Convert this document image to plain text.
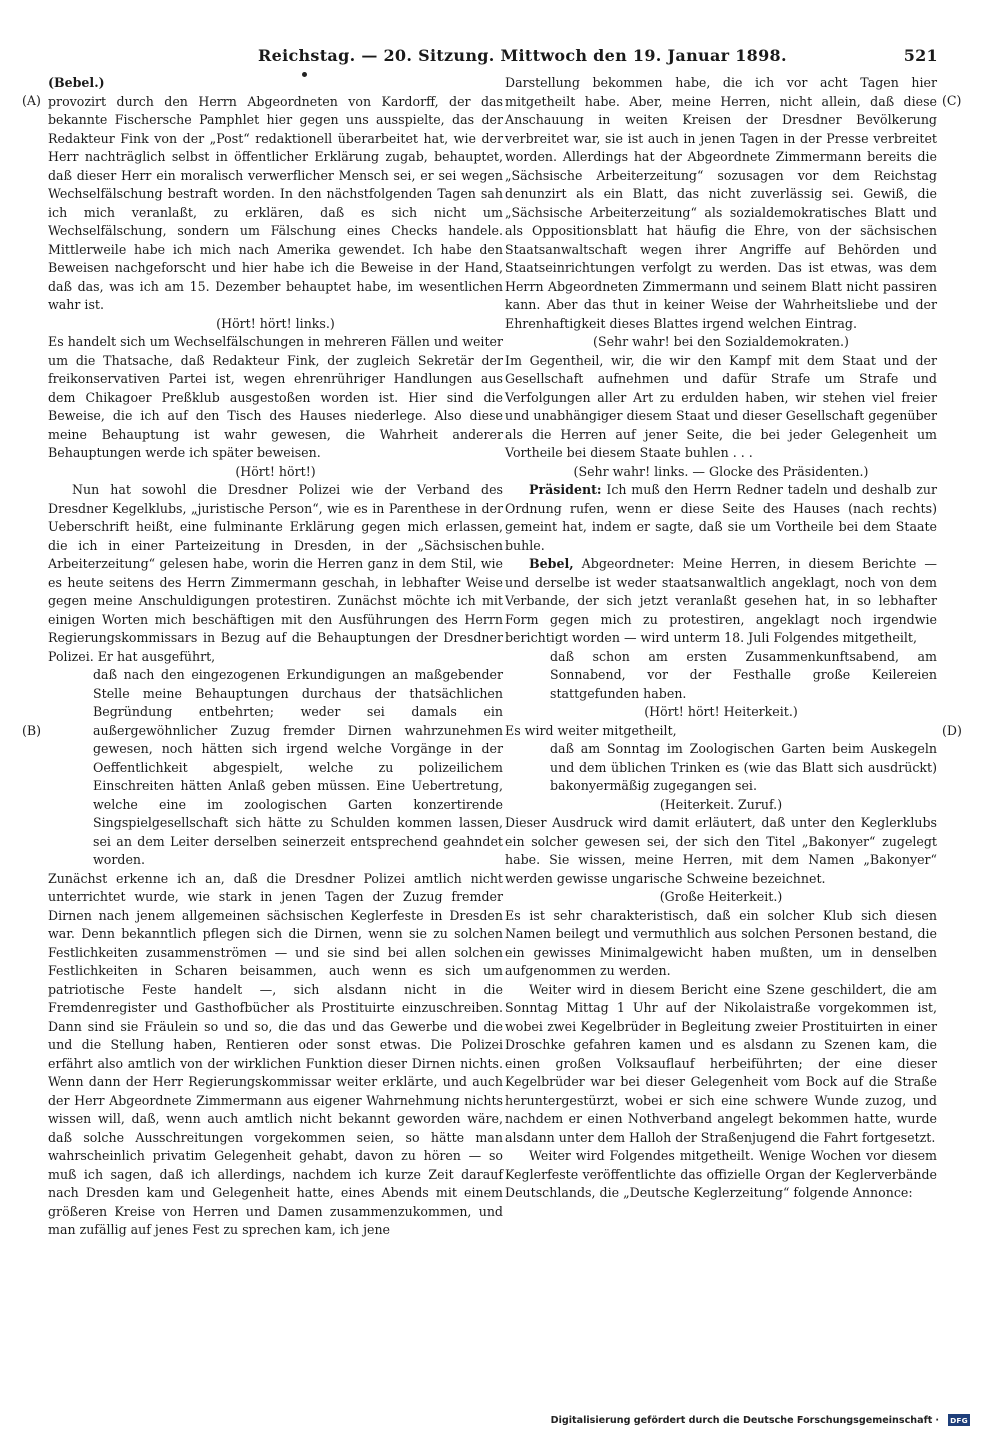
Reichstag. — 20. Sitzung. Mittwoch den 19. Januar 1898.	521
(A)
(B)
(C)
(D)

(Bebel.)

provozirt durch den Herrn Abgeordneten von Kardorff, der das bekannte Fischersche Pamphlet hier gegen uns ausspielte, das der Redakteur Fink von der „Post“ redaktionell überarbeitet hat, wie der Herr nachträglich selbst in öffentlicher Erklärung zugab, behauptet, daß dieser Herr ein moralisch verwerflicher Mensch sei, er sei wegen Wechselfälschung bestraft worden. In den nächstfolgenden Tagen sah ich mich veranlaßt, zu erklären, daß es sich nicht um Wechselfälschung, sondern um Fälschung eines Checks handele. Mittlerweile habe ich mich nach Amerika gewendet. Ich habe den Beweisen nachgeforscht und hier habe ich die Beweise in der Hand, daß das, was ich am 15. Dezember behauptet habe, im wesentlichen wahr ist.

(Hört! hört! links.)

Es handelt sich um Wechselfälschungen in mehreren Fällen und weiter um die Thatsache, daß Redakteur Fink, der zugleich Sekretär der freikonservativen Partei ist, wegen ehrenrühriger Handlungen aus dem Chikagoer Preßklub ausgestoßen worden ist. Hier sind die Beweise, die ich auf den Tisch des Hauses niederlege. Also diese meine Behauptung ist wahr gewesen, die Wahrheit anderer Behauptungen werde ich später beweisen.

(Hört! hört!)

Nun hat sowohl die Dresdner Polizei wie der Verband des Dresdner Kegelklubs, „juristische Person“, wie es in Parenthese in der Ueberschrift heißt, eine fulminante Erklärung gegen mich erlassen, die ich in einer Parteizeitung in Dresden, in der „Sächsischen Arbeiterzeitung“ gelesen habe, worin die Herren ganz in dem Stil, wie es heute seitens des Herrn Zimmermann geschah, in lebhafter Weise gegen meine Anschuldigungen protestiren. Zunächst möchte ich mit einigen Worten mich beschäftigen mit den Ausführungen des Herrn Regierungskommissars in Bezug auf die Behauptungen der Dresdner Polizei. Er hat ausgeführt,

daß nach den eingezogenen Erkundigungen an maßgebender Stelle meine Behauptungen durchaus der thatsächlichen Begründung entbehrten; weder sei damals ein außergewöhnlicher Zuzug fremder Dirnen wahrzunehmen gewesen, noch hätten sich irgend welche Vorgänge in der Oeffentlichkeit abgespielt, welche zu polizeilichem Einschreiten hätten Anlaß geben müssen. Eine Uebertretung, welche eine im zoologischen Garten konzertirende Singspielgesellschaft sich hätte zu Schulden kommen lassen, sei an dem Leiter derselben seinerzeit entsprechend geahndet worden.

Zunächst erkenne ich an, daß die Dresdner Polizei amtlich nicht unterrichtet wurde, wie stark in jenen Tagen der Zuzug fremder Dirnen nach jenem allgemeinen sächsischen Keglerfeste in Dresden war. Denn bekanntlich pflegen sich die Dirnen, wenn sie zu solchen Festlichkeiten zusammenströmen — und sie sind bei allen solchen Festlichkeiten in Scharen beisammen, auch wenn es sich um patriotische Feste handelt —, sich alsdann nicht in die Fremdenregister und Gasthofbücher als Prostituirte einzuschreiben. Dann sind sie Fräulein so und so, die das und das Gewerbe und die und die Stellung haben, Rentieren oder sonst etwas. Die Polizei erfährt also amtlich von der wirklichen Funktion dieser Dirnen nichts. Wenn dann der Herr Regierungskommissar weiter erklärte, und auch der Herr Abgeordnete Zimmermann aus eigener Wahrnehmung nichts wissen will, daß, wenn auch amtlich nicht bekannt geworden wäre, daß solche Ausschreitungen vorgekommen seien, so hätte man wahrscheinlich privatim Gelegenheit gehabt, davon zu hören — so muß ich sagen, daß ich allerdings, nachdem ich kurze Zeit darauf nach Dresden kam und Gelegenheit hatte, eines Abends mit einem größeren Kreise von Herren und Damen zusammenzukommen, und man zufällig auf jenes Fest zu sprechen kam, ich jene

Darstellung bekommen habe, die ich vor acht Tagen hier mitgetheilt habe. Aber, meine Herren, nicht allein, daß diese Anschauung in weiten Kreisen der Dresdner Bevölkerung verbreitet war, sie ist auch in jenen Tagen in der Presse verbreitet worden. Allerdings hat der Abgeordnete Zimmermann bereits die „Sächsische Arbeiterzeitung“ sozusagen vor dem Reichstag denunzirt als ein Blatt, das nicht zuverlässig sei. Gewiß, die „Sächsische Arbeiterzeitung“ als sozialdemokratisches Blatt und als Oppositionsblatt hat häufig die Ehre, von der sächsischen Staatsanwaltschaft wegen ihrer Angriffe auf Behörden und Staatseinrichtungen verfolgt zu werden. Das ist etwas, was dem Herrn Abgeordneten Zimmermann und seinem Blatt nicht passiren kann. Aber das thut in keiner Weise der Wahrheitsliebe und der Ehrenhaftigkeit dieses Blattes irgend welchen Eintrag.

(Sehr wahr! bei den Sozialdemokraten.)

Im Gegentheil, wir, die wir den Kampf mit dem Staat und der Gesellschaft aufnehmen und dafür Strafe um Strafe und Verfolgungen aller Art zu erdulden haben, wir stehen viel freier und unabhängiger diesem Staat und dieser Gesellschaft gegenüber als die Herren auf jener Seite, die bei jeder Gelegenheit um Vortheile bei diesem Staate buhlen . . .

(Sehr wahr! links. — Glocke des Präsidenten.)

Präsident: Ich muß den Herrn Redner tadeln und deshalb zur Ordnung rufen, wenn er diese Seite des Hauses (nach rechts) gemeint hat, indem er sagte, daß sie um Vortheile bei dem Staate buhle.

Bebel, Abgeordneter: Meine Herren, in diesem Berichte — und derselbe ist weder staatsanwaltlich angeklagt, noch von dem Verbande, der sich jetzt veranlaßt gesehen hat, in so lebhafter Form gegen mich zu protestiren, angeklagt noch irgendwie berichtigt worden — wird unterm 18. Juli Folgendes mitgetheilt,

daß schon am ersten Zusammenkunftsabend, am Sonnabend, vor der Festhalle große Keilereien stattgefunden haben.

(Hört! hört! Heiterkeit.)

Es wird weiter mitgetheilt,

daß am Sonntag im Zoologischen Garten beim Auskegeln und dem üblichen Trinken es (wie das Blatt sich ausdrückt) bakonyermäßig zugegangen sei.

(Heiterkeit. Zuruf.)

Dieser Ausdruck wird damit erläutert, daß unter den Keglerklubs ein solcher gewesen sei, der sich den Titel „Bakonyer“ zugelegt habe. Sie wissen, meine Herren, mit dem Namen „Bakonyer“ werden gewisse ungarische Schweine bezeichnet.

(Große Heiterkeit.)

Es ist sehr charakteristisch, daß ein solcher Klub sich diesen Namen beilegt und vermuthlich aus solchen Personen bestand, die ein gewisses Minimalgewicht haben mußten, um in denselben aufgenommen zu werden.

Weiter wird in diesem Bericht eine Szene geschildert, die am Sonntag Mittag 1 Uhr auf der Nikolaistraße vorgekommen ist, wobei zwei Kegelbrüder in Begleitung zweier Prostituirten in einer Droschke gefahren kamen und es alsdann zu Szenen kam, die einen großen Volksauflauf herbeiführten; der eine dieser Kegelbrüder war bei dieser Gelegenheit vom Bock auf die Straße heruntergestürzt, wobei er sich eine schwere Wunde zuzog, und nachdem er einen Nothverband angelegt bekommen hatte, wurde alsdann unter dem Halloh der Straßenjugend die Fahrt fortgesetzt.

Weiter wird Folgendes mitgetheilt. Wenige Wochen vor diesem Keglerfeste veröffentlichte das offizielle Organ der Keglerverbände Deutschlands, die „Deutsche Keglerzeitung“ folgende Annonce:

Digitalisierung gefördert durch die Deutsche Forschungsgemeinschaft · DFG
